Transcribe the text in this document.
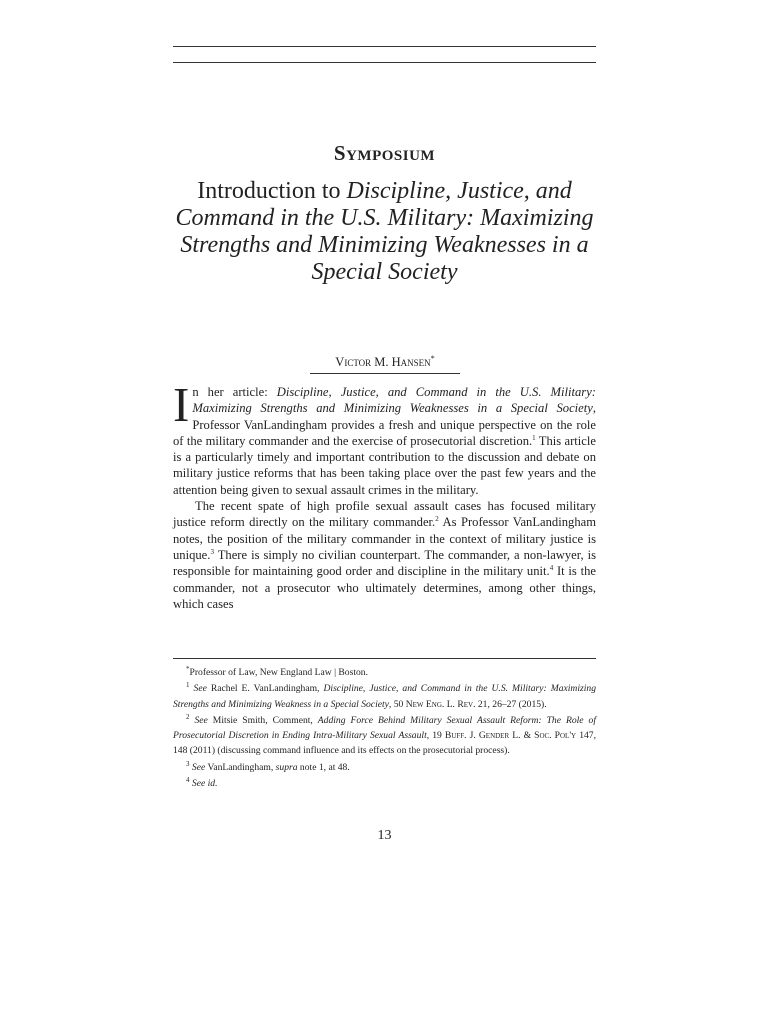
Symposium
Introduction to Discipline, Justice, and Command in the U.S. Military: Maximizing Strengths and Minimizing Weaknesses in a Special Society
Victor M. Hansen*

In her article: Discipline, Justice, and Command in the U.S. Military: Maximizing Strengths and Minimizing Weaknesses in a Special Society, Professor VanLandingham provides a fresh and unique perspective on the role of the military commander and the exercise of prosecutorial discretion.$^1$ This article is a particularly timely and important contribution to the discussion and debate on military justice reforms that has been taking place over the past few years and the attention being given to sexual assault crimes in the military.

The recent spate of high profile sexual assault cases has focused military justice reform directly on the military commander.$^2$ As Professor VanLandingham notes, the position of the military commander in the context of military justice is unique.$^3$ There is simply no civilian counterpart. The commander, a non-lawyer, is responsible for maintaining good order and discipline in the military unit.$^4$ It is the commander, not a prosecutor who ultimately determines, among other things, which cases

*Professor of Law, New England Law | Boston.
$^1$ See Rachel E. VanLandingham, Discipline, Justice, and Command in the U.S. Military: Maximizing Strengths and Minimizing Weakness in a Special Society, 50 New Eng. L. Rev. 21, 26–27 (2015).
$^2$ See Mitsie Smith, Comment, Adding Force Behind Military Sexual Assault Reform: The Role of Prosecutorial Discretion in Ending Intra-Military Sexual Assault, 19 Buff. J. Gender L. & Soc. Pol'y 147, 148 (2011) (discussing command influence and its effects on the prosecutorial process).
$^3$ See VanLandingham, supra note 1, at 48.
$^4$ See id.
13
